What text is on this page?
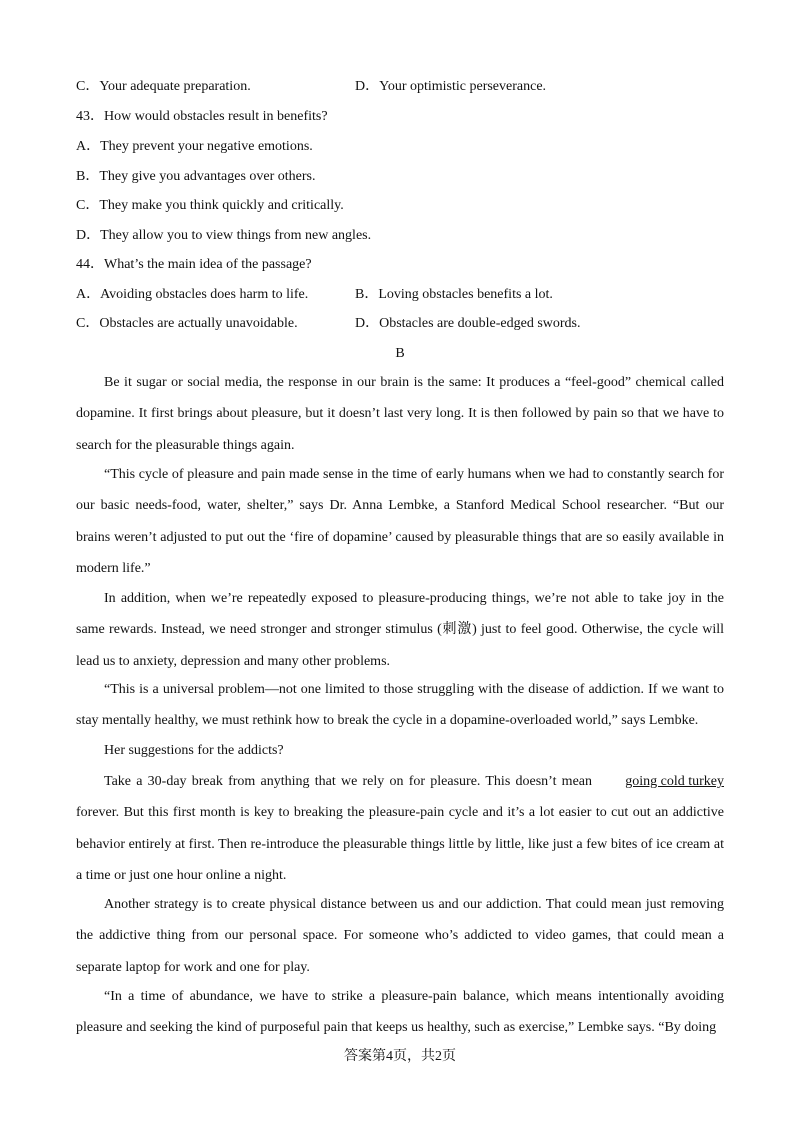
C．Your adequate preparation.	D．Your optimistic perseverance.
43．How would obstacles result in benefits?
A．They prevent your negative emotions.
B．They give you advantages over others.
C．They make you think quickly and critically.
D．They allow you to view things from new angles.
44．What’s the main idea of the passage?
A．Avoiding obstacles does harm to life.	B．Loving obstacles benefits a lot.
C．Obstacles are actually unavoidable.	D．Obstacles are double-edged swords.
B
Be it sugar or social media, the response in our brain is the same: It produces a “feel-good” chemical called dopamine. It first brings about pleasure, but it doesn’t last very long. It is then followed by pain so that we have to search for the pleasurable things again.
“This cycle of pleasure and pain made sense in the time of early humans when we had to constantly search for our basic needs-food, water, shelter,” says Dr. Anna Lembke, a Stanford Medical School researcher. “But our brains weren’t adjusted to put out the ‘fire of dopamine’ caused by pleasurable things that are so easily available in modern life.”
In addition, when we’re repeatedly exposed to pleasure-producing things, we’re not able to take joy in the same rewards. Instead, we need stronger and stronger stimulus (刺激) just to feel good. Otherwise, the cycle will lead us to anxiety, depression and many other problems.
“This is a universal problem—not one limited to those struggling with the disease of addiction. If we want to stay mentally healthy, we must rethink how to break the cycle in a dopamine-overloaded world,” says Lembke.
Her suggestions for the addicts?
Take a 30-day break from anything that we rely on for pleasure. This doesn’t mean going cold turkey forever. But this first month is key to breaking the pleasure-pain cycle and it’s a lot easier to cut out an addictive behavior entirely at first. Then re-introduce the pleasurable things little by little, like just a few bites of ice cream at a time or just one hour online a night.
Another strategy is to create physical distance between us and our addiction. That could mean just removing the addictive thing from our personal space. For someone who’s addicted to video games, that could mean a separate laptop for work and one for play.
“In a time of abundance, we have to strike a pleasure-pain balance, which means intentionally avoiding pleasure and seeking the kind of purposeful pain that keeps us healthy, such as exercise,” Lembke says. “By doing
答案第4页，共2页
